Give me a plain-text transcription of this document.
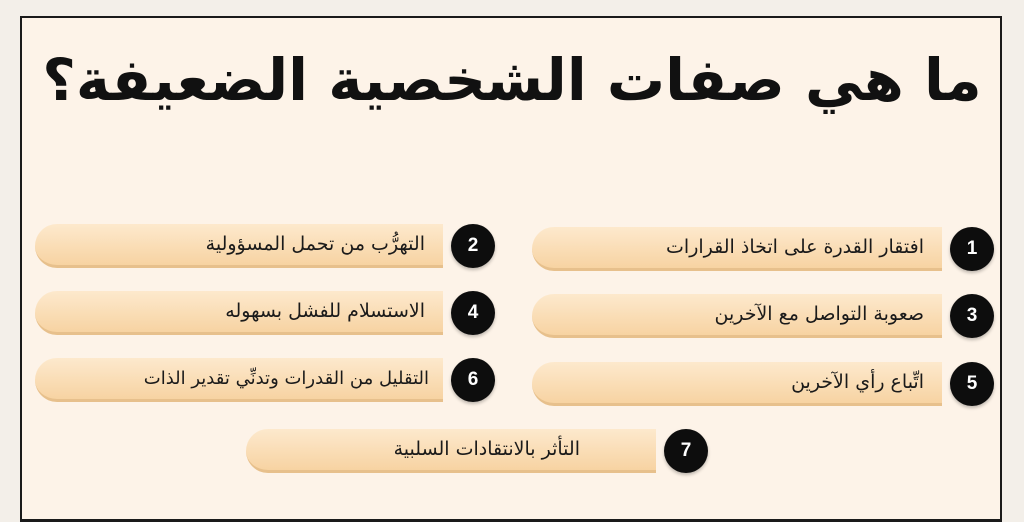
ما هي صفات الشخصية الضعيفة؟
افتقار القدرة على اتخاذ القرارات	1
التهرُّب من تحمل المسؤولية	2
صعوبة التواصل مع الآخرين	3
الاستسلام للفشل بسهوله	4
اتِّباع رأي الآخرين	5
التقليل من القدرات وتدنِّي تقدير الذات	6
التأثر بالانتقادات السلبية	7
